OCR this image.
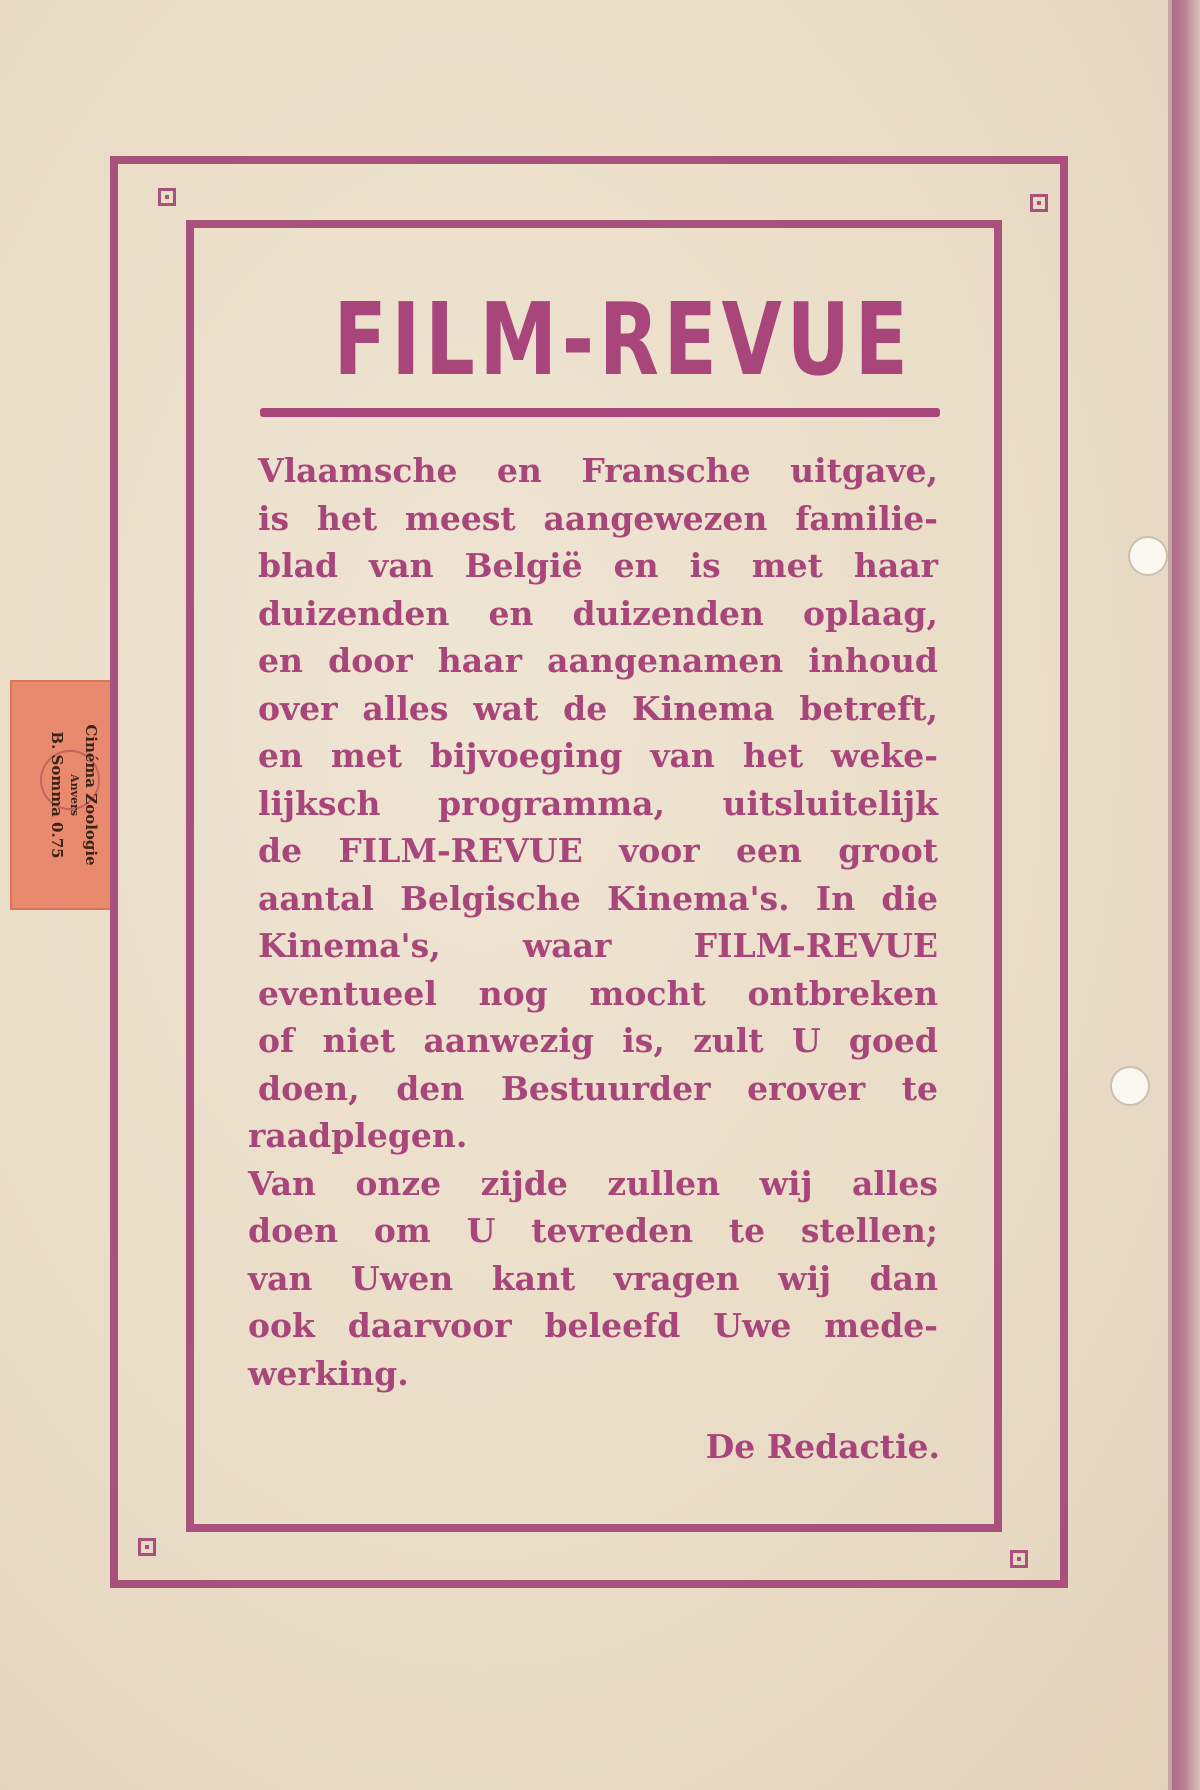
Cinéma Zoologie
Anvers
B. Somma 0.75
FILM-REVUE

Vlaamsche en Fransche uitgave,

is het meest aangewezen familie-

blad van België en is met haar

duizenden en duizenden oplaag,

en door haar aangenamen inhoud

over alles wat de Kinema betreft,

en met bijvoeging van het weke-

lijksch programma, uitsluitelijk

de FILM-REVUE voor een groot

aantal Belgische Kinema's. In die

Kinema's, waar FILM-REVUE

eventueel nog mocht ontbreken

of niet aanwezig is, zult U goed

doen, den Bestuurder erover te

raadplegen.

Van onze zijde zullen wij alles

doen om U tevreden te stellen;

van Uwen kant vragen wij dan

ook daarvoor beleefd Uwe mede-

werking.

De Redactie.
